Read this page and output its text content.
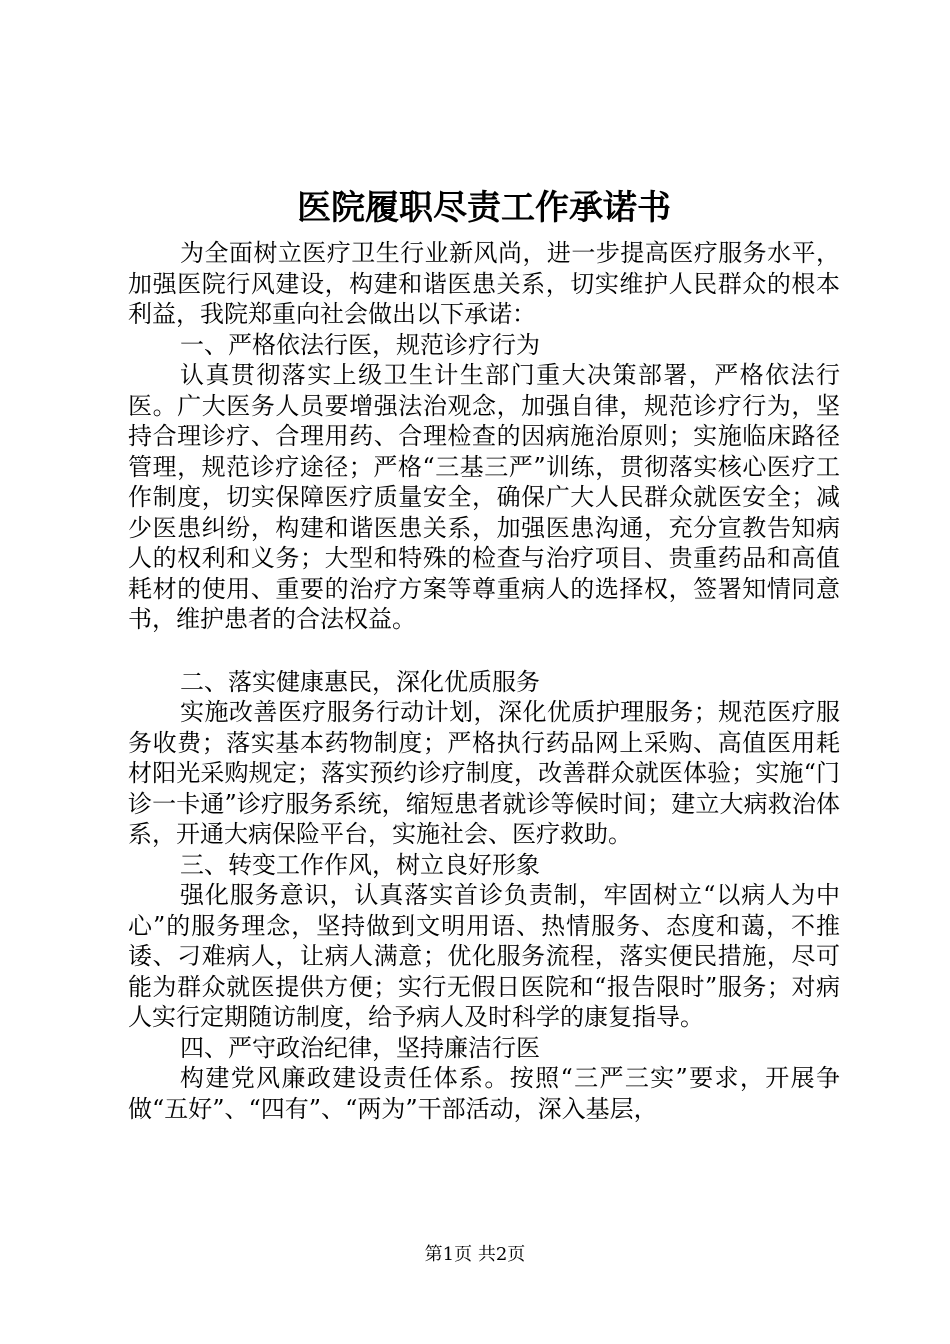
医院履职尽责工作承诺书

为全面树立医疗卫生行业新风尚，进一步提高医疗服务水平，加强医院行风建设，构建和谐医患关系，切实维护人民群众的根本利益，我院郑重向社会做出以下承诺：

一、严格依法行医，规范诊疗行为

认真贯彻落实上级卫生计生部门重大决策部署，严格依法行医。广大医务人员要增强法治观念，加强自律，规范诊疗行为，坚持合理诊疗、合理用药、合理检查的因病施治原则；实施临床路径管理，规范诊疗途径；严格“三基三严”训练，贯彻落实核心医疗工作制度，切实保障医疗质量安全，确保广大人民群众就医安全；减少医患纠纷，构建和谐医患关系，加强医患沟通，充分宣教告知病人的权利和义务；大型和特殊的检查与治疗项目、贵重药品和高值耗材的使用、重要的治疗方案等尊重病人的选择权，签署知情同意书，维护患者的合法权益。

二、落实健康惠民，深化优质服务

实施改善医疗服务行动计划，深化优质护理服务；规范医疗服务收费；落实基本药物制度；严格执行药品网上采购、高值医用耗材阳光采购规定；落实预约诊疗制度，改善群众就医体验；实施“门诊一卡通”诊疗服务系统，缩短患者就诊等候时间；建立大病救治体系，开通大病保险平台，实施社会、医疗救助。

三、转变工作作风，树立良好形象

强化服务意识，认真落实首诊负责制，牢固树立“以病人为中心”的服务理念，坚持做到文明用语、热情服务、态度和蔼，不推诿、刁难病人，让病人满意；优化服务流程，落实便民措施，尽可能为群众就医提供方便；实行无假日医院和“报告限时”服务；对病人实行定期随访制度，给予病人及时科学的康复指导。

四、严守政治纪律，坚持廉洁行医

构建党风廉政建设责任体系。按照“三严三实”要求，开展争做“五好”、“四有”、“两为”干部活动，深入基层，

第1页 共2页
